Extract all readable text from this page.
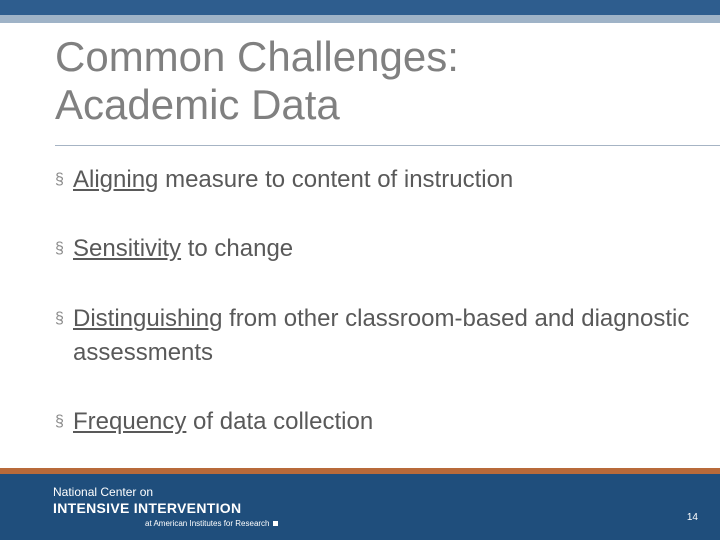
Common Challenges:
Academic Data
§ Aligning measure to content of instruction
§ Sensitivity to change
§ Distinguishing from other classroom-based and diagnostic assessments
§ Frequency of data collection
National Center on
INTENSIVE INTERVENTION
at American Institutes for Research
14
